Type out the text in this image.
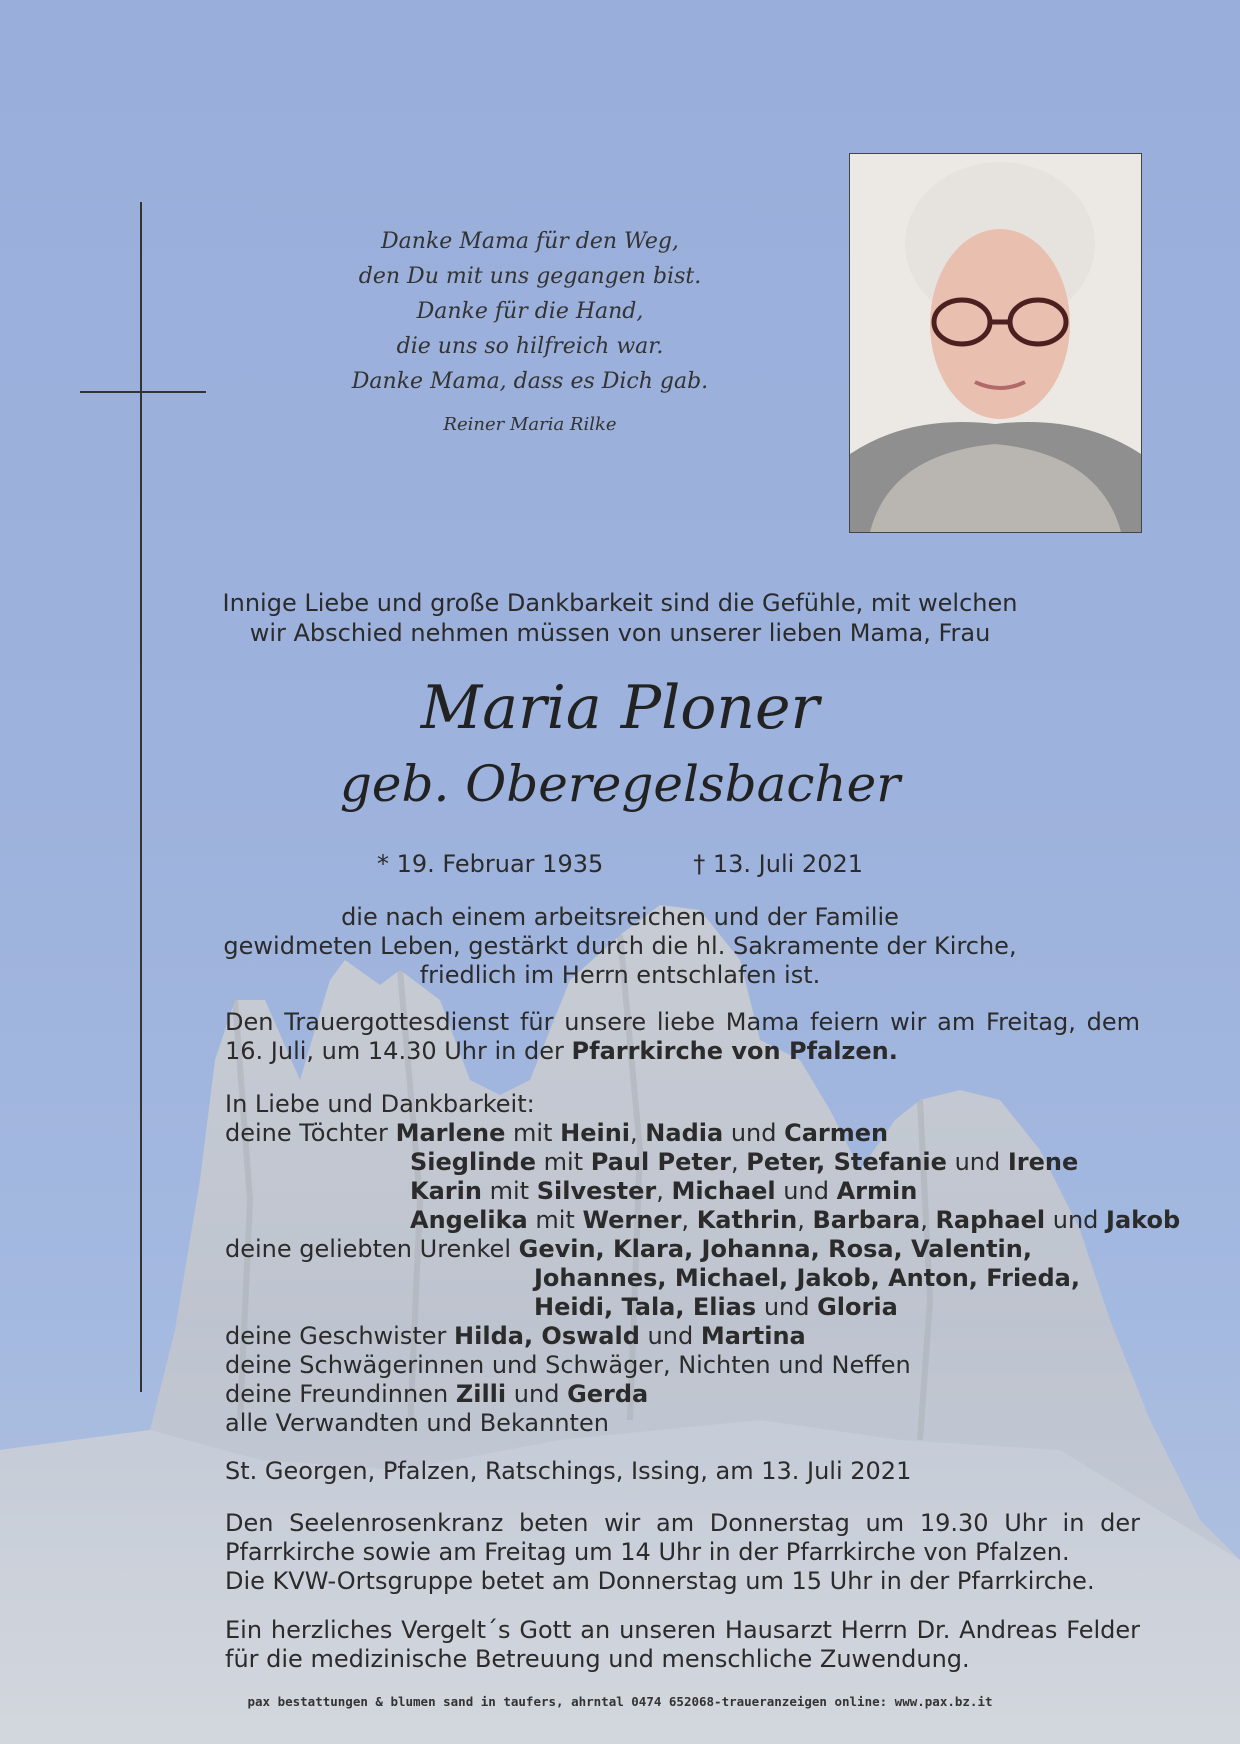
Danke Mama für den Weg,
den Du mit uns gegangen bist.
Danke für die Hand,
die uns so hilfreich war.
Danke Mama, dass es Dich gab.
Reiner Maria Rilke
Innige Liebe und große Dankbarkeit sind die Gefühle, mit welchen
wir Abschied nehmen müssen von unserer lieben Mama, Frau
Maria Ploner
geb. Oberegelsbacher
* 19. Februar 1935	† 13. Juli 2021
die nach einem arbeitsreichen und der Familie
gewidmeten Leben, gestärkt durch die hl. Sakramente der Kirche,
friedlich im Herrn entschlafen ist.
Den Trauergottesdienst für unsere liebe Mama feiern wir am Freitag, dem 16. Juli, um 14.30 Uhr in der Pfarrkirche von Pfalzen.
In Liebe und Dankbarkeit:
deine Töchter Marlene mit Heini, Nadia und Carmen
Sieglinde mit Paul Peter, Peter, Stefanie und Irene
Karin mit Silvester, Michael und Armin
Angelika mit Werner, Kathrin, Barbara, Raphael und Jakob
deine geliebten Urenkel Gevin, Klara, Johanna, Rosa, Valentin,
Johannes, Michael, Jakob, Anton, Frieda,
Heidi, Tala, Elias und Gloria
deine Geschwister Hilda, Oswald und Martina
deine Schwägerinnen und Schwäger, Nichten und Neffen
deine Freundinnen Zilli und Gerda
alle Verwandten und Bekannten
St. Georgen, Pfalzen, Ratschings, Issing, am 13. Juli 2021
Den Seelenrosenkranz beten wir am Donnerstag um 19.30 Uhr in der Pfarrkirche sowie am Freitag um 14 Uhr in der Pfarrkirche von Pfalzen.
Die KVW-Ortsgruppe betet am Donnerstag um 15 Uhr in der Pfarrkirche.
Ein herzliches Vergelt´s Gott an unseren Hausarzt Herrn Dr. Andreas Felder für die medizinische Betreuung und menschliche Zuwendung.
pax bestattungen & blumen sand in taufers, ahrntal 0474 652068-traueranzeigen online: www.pax.bz.it
